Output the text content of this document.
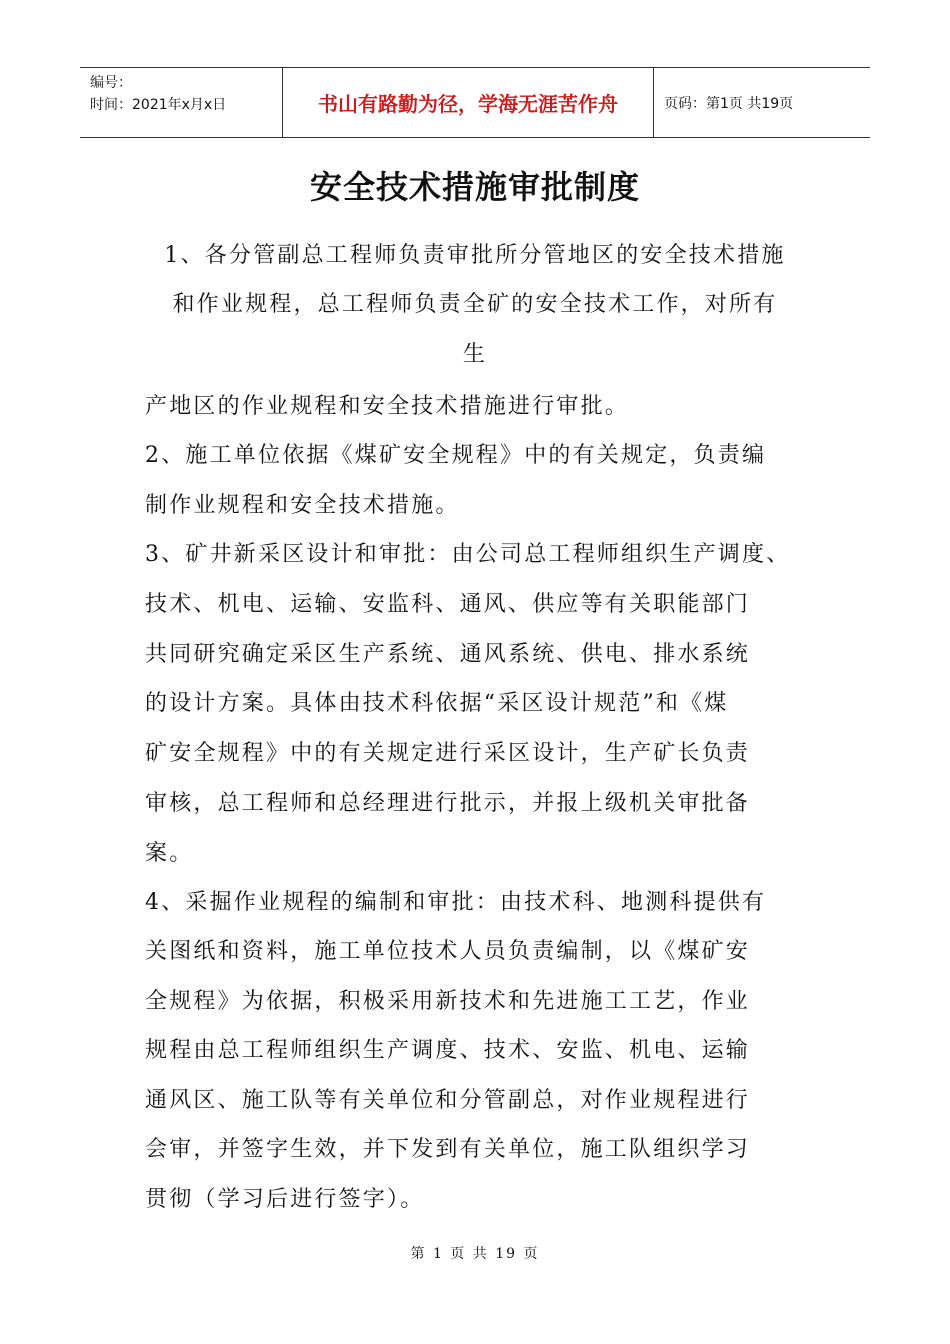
编号：
时间：2021年x月x日	书山有路勤为径，学海无涯苦作舟	页码：第1页 共19页
安全技术措施审批制度
1、各分管副总工程师负责审批所分管地区的安全技术措施
和作业规程，总工程师负责全矿的安全技术工作，对所有
生
产地区的作业规程和安全技术措施进行审批。
2、施工单位依据《煤矿安全规程》中的有关规定，负责编
制作业规程和安全技术措施。
3、矿井新采区设计和审批：由公司总工程师组织生产调度、
技术、机电、运输、安监科、通风、供应等有关职能部门
共同研究确定采区生产系统、通风系统、供电、排水系统
的设计方案。具体由技术科依据“采区设计规范”和《煤
矿安全规程》中的有关规定进行采区设计，生产矿长负责
审核，总工程师和总经理进行批示，并报上级机关审批备
案。
4、采掘作业规程的编制和审批：由技术科、地测科提供有
关图纸和资料，施工单位技术人员负责编制，以《煤矿安
全规程》为依据，积极采用新技术和先进施工工艺，作业
规程由总工程师组织生产调度、技术、安监、机电、运输
通风区、施工队等有关单位和分管副总，对作业规程进行
会审，并签字生效，并下发到有关单位，施工队组织学习
贯彻（学习后进行签字）。
第 1 页 共 19 页
